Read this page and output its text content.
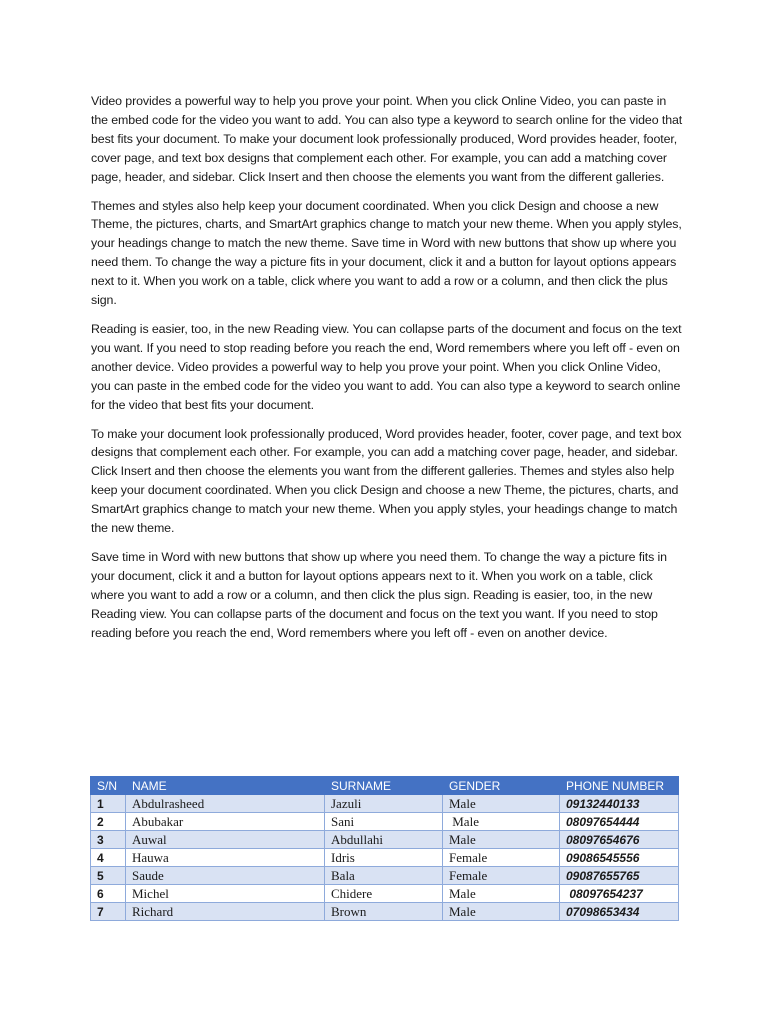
Video provides a powerful way to help you prove your point. When you click Online Video, you can paste in the embed code for the video you want to add. You can also type a keyword to search online for the video that best fits your document. To make your document look professionally produced, Word provides header, footer, cover page, and text box designs that complement each other. For example, you can add a matching cover page, header, and sidebar. Click Insert and then choose the elements you want from the different galleries.

Themes and styles also help keep your document coordinated. When you click Design and choose a new Theme, the pictures, charts, and SmartArt graphics change to match your new theme. When you apply styles, your headings change to match the new theme. Save time in Word with new buttons that show up where you need them. To change the way a picture fits in your document, click it and a button for layout options appears next to it. When you work on a table, click where you want to add a row or a column, and then click the plus sign.

Reading is easier, too, in the new Reading view. You can collapse parts of the document and focus on the text you want. If you need to stop reading before you reach the end, Word remembers where you left off - even on another device. Video provides a powerful way to help you prove your point. When you click Online Video, you can paste in the embed code for the video you want to add. You can also type a keyword to search online for the video that best fits your document.

To make your document look professionally produced, Word provides header, footer, cover page, and text box designs that complement each other. For example, you can add a matching cover page, header, and sidebar. Click Insert and then choose the elements you want from the different galleries. Themes and styles also help keep your document coordinated. When you click Design and choose a new Theme, the pictures, charts, and SmartArt graphics change to match your new theme. When you apply styles, your headings change to match the new theme.

Save time in Word with new buttons that show up where you need them. To change the way a picture fits in your document, click it and a button for layout options appears next to it. When you work on a table, click where you want to add a row or a column, and then click the plus sign. Reading is easier, too, in the new Reading view. You can collapse parts of the document and focus on the text you want. If you need to stop reading before you reach the end, Word remembers where you left off - even on another device.

S/N	NAME	SURNAME	GENDER	PHONE NUMBER
1	Abdulrasheed	Jazuli	Male	09132440133
2	Abubakar	Sani	Male	08097654444
3	Auwal	Abdullahi	Male	08097654676
4	Hauwa	Idris	Female	09086545556
5	Saude	Bala	Female	09087655765
6	Michel	Chidere	Male	08097654237
7	Richard	Brown	Male	07098653434
